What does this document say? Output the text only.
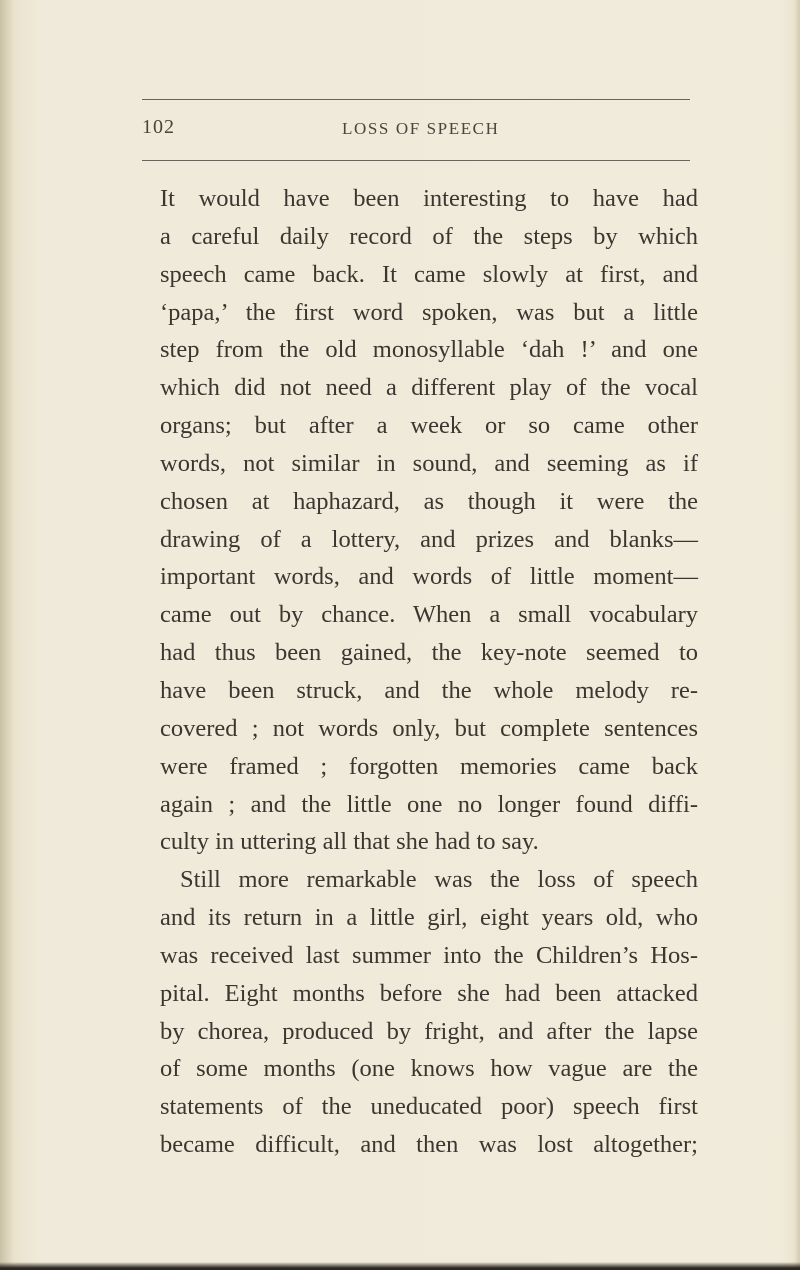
102	LOSS OF SPEECH
It would have been interesting to have had
a careful daily record of the steps by which
speech came back. It came slowly at first, and
‘papa,’ the first word spoken, was but a little
step from the old monosyllable ‘dah !’ and one
which did not need a different play of the vocal
organs; but after a week or so came other
words, not similar in sound, and seeming as if
chosen at haphazard, as though it were the
drawing of a lottery, and prizes and blanks—
important words, and words of little moment—
came out by chance. When a small vocabulary
had thus been gained, the key-note seemed to
have been struck, and the whole melody re-
covered ; not words only, but complete sentences
were framed ; forgotten memories came back
again ; and the little one no longer found diffi-
culty in uttering all that she had to say.
Still more remarkable was the loss of speech
and its return in a little girl, eight years old, who
was received last summer into the Children’s Hos-
pital. Eight months before she had been attacked
by chorea, produced by fright, and after the lapse
of some months (one knows how vague are the
statements of the uneducated poor) speech first
became difficult, and then was lost altogether;
